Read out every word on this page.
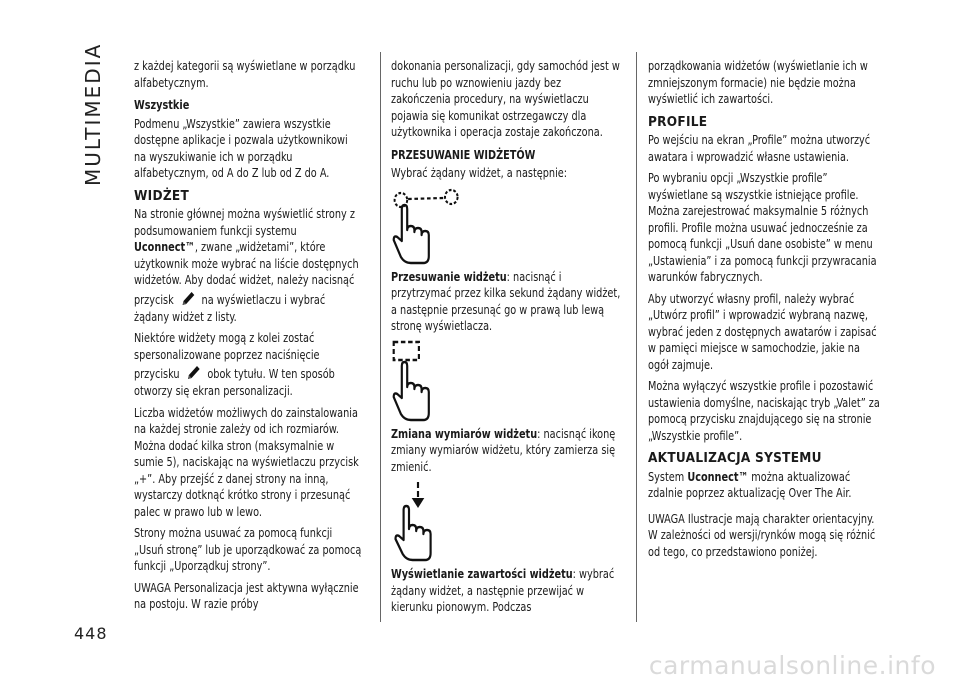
MULTIMEDIA
448

z każdej kategorii są wyświetlane w porządku alfabetycznym.

Wszystkie

Podmenu „Wszystkie” zawiera wszystkie dostępne aplikacje i pozwala użytkownikowi na wyszukiwanie ich w porządku alfabetycznym, od A do Z lub od Z do A.

WIDŻET

Na stronie głównej można wyświetlić strony z podsumowaniem funkcji systemu Uconnect™, zwane „widżetami”, które użytkownik może wybrać na liście dostępnych widżetów. Aby dodać widżet, należy nacisnąć przycisk na wyświetlaczu i wybrać żądany widżet z listy.

Niektóre widżety mogą z kolei zostać spersonalizowane poprzez naciśnięcie przycisku obok tytułu. W ten sposób otworzy się ekran personalizacji.

Liczba widżetów możliwych do zainstalowania na każdej stronie zależy od ich rozmiarów. Można dodać kilka stron (maksymalnie w sumie 5), naciskając na wyświetlaczu przycisk „+”. Aby przejść z danej strony na inną, wystarczy dotknąć krótko strony i przesunąć palec w prawo lub w lewo.

Strony można usuwać za pomocą funkcji „Usuń stronę” lub je uporządkować za pomocą funkcji „Uporządkuj strony”.

UWAGA Personalizacja jest aktywna wyłącznie na postoju. W razie próby

dokonania personalizacji, gdy samochód jest w ruchu lub po wznowieniu jazdy bez zakończenia procedury, na wyświetlaczu pojawia się komunikat ostrzegawczy dla użytkownika i operacja zostaje zakończona.

PRZESUWANIE WIDŻETÓW

Wybrać żądany widżet, a następnie:

Przesuwanie widżetu: nacisnąć i przytrzymać przez kilka sekund żądany widżet, a następnie przesunąć go w prawą lub lewą stronę wyświetlacza.

Zmiana wymiarów widżetu: nacisnąć ikonę zmiany wymiarów widżetu, który zamierza się zmienić.

Wyświetlanie zawartości widżetu: wybrać żądany widżet, a następnie przewijać w kierunku pionowym. Podczas

porządkowania widżetów (wyświetlanie ich w zmniejszonym formacie) nie będzie można wyświetlić ich zawartości.

PROFILE

Po wejściu na ekran „Profile” można utworzyć awatara i wprowadzić własne ustawienia.

Po wybraniu opcji „Wszystkie profile” wyświetlane są wszystkie istniejące profile. Można zarejestrować maksymalnie 5 różnych profili. Profile można usuwać jednocześnie za pomocą funkcji „Usuń dane osobiste” w menu „Ustawienia” i za pomocą funkcji przywracania warunków fabrycznych.

Aby utworzyć własny profil, należy wybrać „Utwórz profil” i wprowadzić wybraną nazwę, wybrać jeden z dostępnych awatarów i zapisać w pamięci miejsce w samochodzie, jakie na ogół zajmuje.

Można wyłączyć wszystkie profile i pozostawić ustawienia domyślne, naciskając tryb „Valet” za pomocą przycisku znajdującego się na stronie „Wszystkie profile”.

AKTUALIZACJA SYSTEMU

System Uconnect™ można aktualizować zdalnie poprzez aktualizację Over The Air.

UWAGA Ilustracje mają charakter orientacyjny. W zależności od wersji/rynków mogą się różnić od tego, co przedstawiono poniżej.

carmanualsonline.info
